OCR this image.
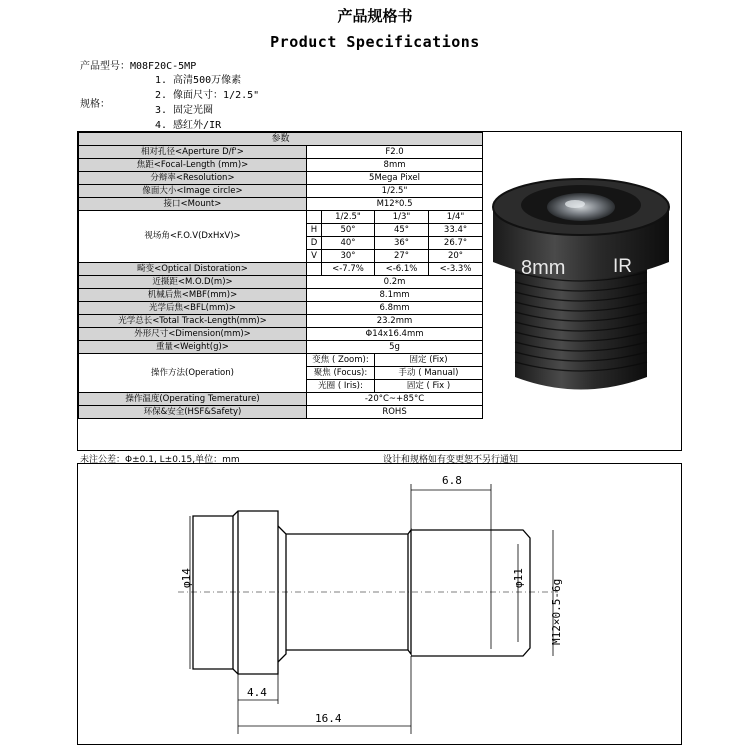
产品规格书
Product Specifications
产品型号：M08F20C-5MP
规格：
1. 高清500万像素
2. 像面尺寸：1/2.5"
3. 固定光圈
4. 感红外/IR
参数				
相对孔径<Aperture D/f'>	F2.0			
焦距<Focal-Length (mm)>	8mm			
分辩率<Resolution>	5Mega Pixel			
像面大小<Image circle>	1/2.5"			
接口<Mount>	M12*0.5			
视场角<F.O.V(DxHxV)>		1/2.5"	1/3"	1/4"
	H	50°	45°	33.4°
	D	40°	36°	26.7°
	V	30°	27°	20°
畸变<Optical Distoration>		<-7.7%	<-6.1%	<-3.3%
近摄距<M.O.D(m)>	0.2m			
机械后焦<MBF(mm)>	8.1mm			
光学后焦<BFL(mm)>	6.8mm			
光学总长<Total Track-Length(mm)>	23.2mm			
外形尺寸<Dimension(mm)>	Φ14x16.4mm			
重量<Weight(g)>	5g			
操作方法(Operation)	变焦 ( Zoom):		固定 (Fix)	
	聚焦 (Focus):		手动 ( Manual)	
	光圈 ( Iris):		固定 ( Fix )	
操作温度(Operating Temerature)	-20°C~+85°C			
环保&安全(HSF&Safety)	ROHS			
8mm	IR
未注公差：Φ±0.1, L±0.15,单位：mm	设计和规格如有变更恕不另行通知
6.8
4.4
16.4
φ14	φ11
M12×0.5-6g
